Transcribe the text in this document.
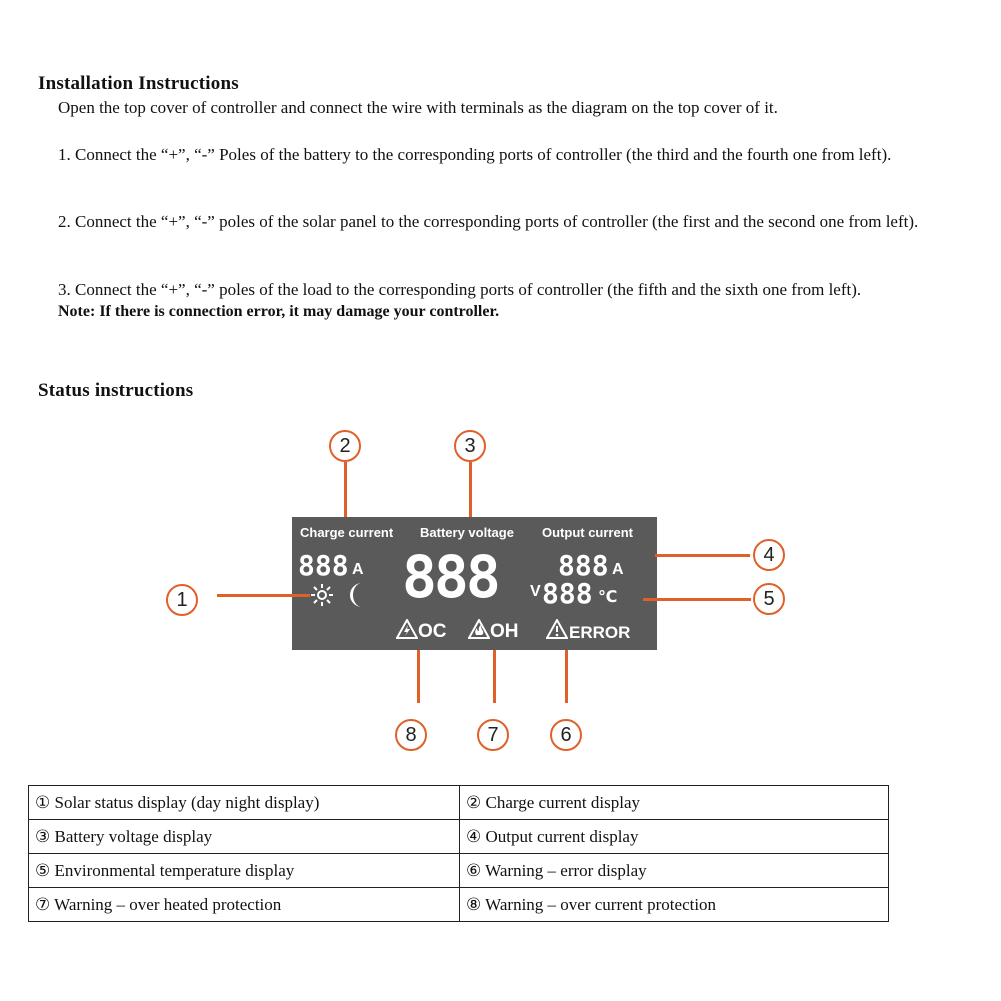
Installation Instructions
Open the top cover of controller and connect the wire with terminals as the diagram on the top cover of it.
1. Connect the “+”, “-” Poles of the battery to the corresponding ports of controller (the third and the fourth one from left).
2. Connect the “+”, “-” poles of the solar panel to the corresponding ports of controller (the first and the second one from left).
3. Connect the “+”, “-” poles of the load to the corresponding ports of controller (the fifth and the sixth one from left).
Note: If there is connection error, it may damage your controller.
Status instructions
Charge current Battery voltage Output current
888 A 888 V
888 A
888 ℃
OC OH	ERROR
1
2	3
4
5
6
7
8
① Solar status display (day night display)	② Charge current display
③ Battery voltage display	④ Output current display
⑤ Environmental temperature display	⑥ Warning – error display
⑦ Warning – over heated protection	⑧ Warning – over current protection
